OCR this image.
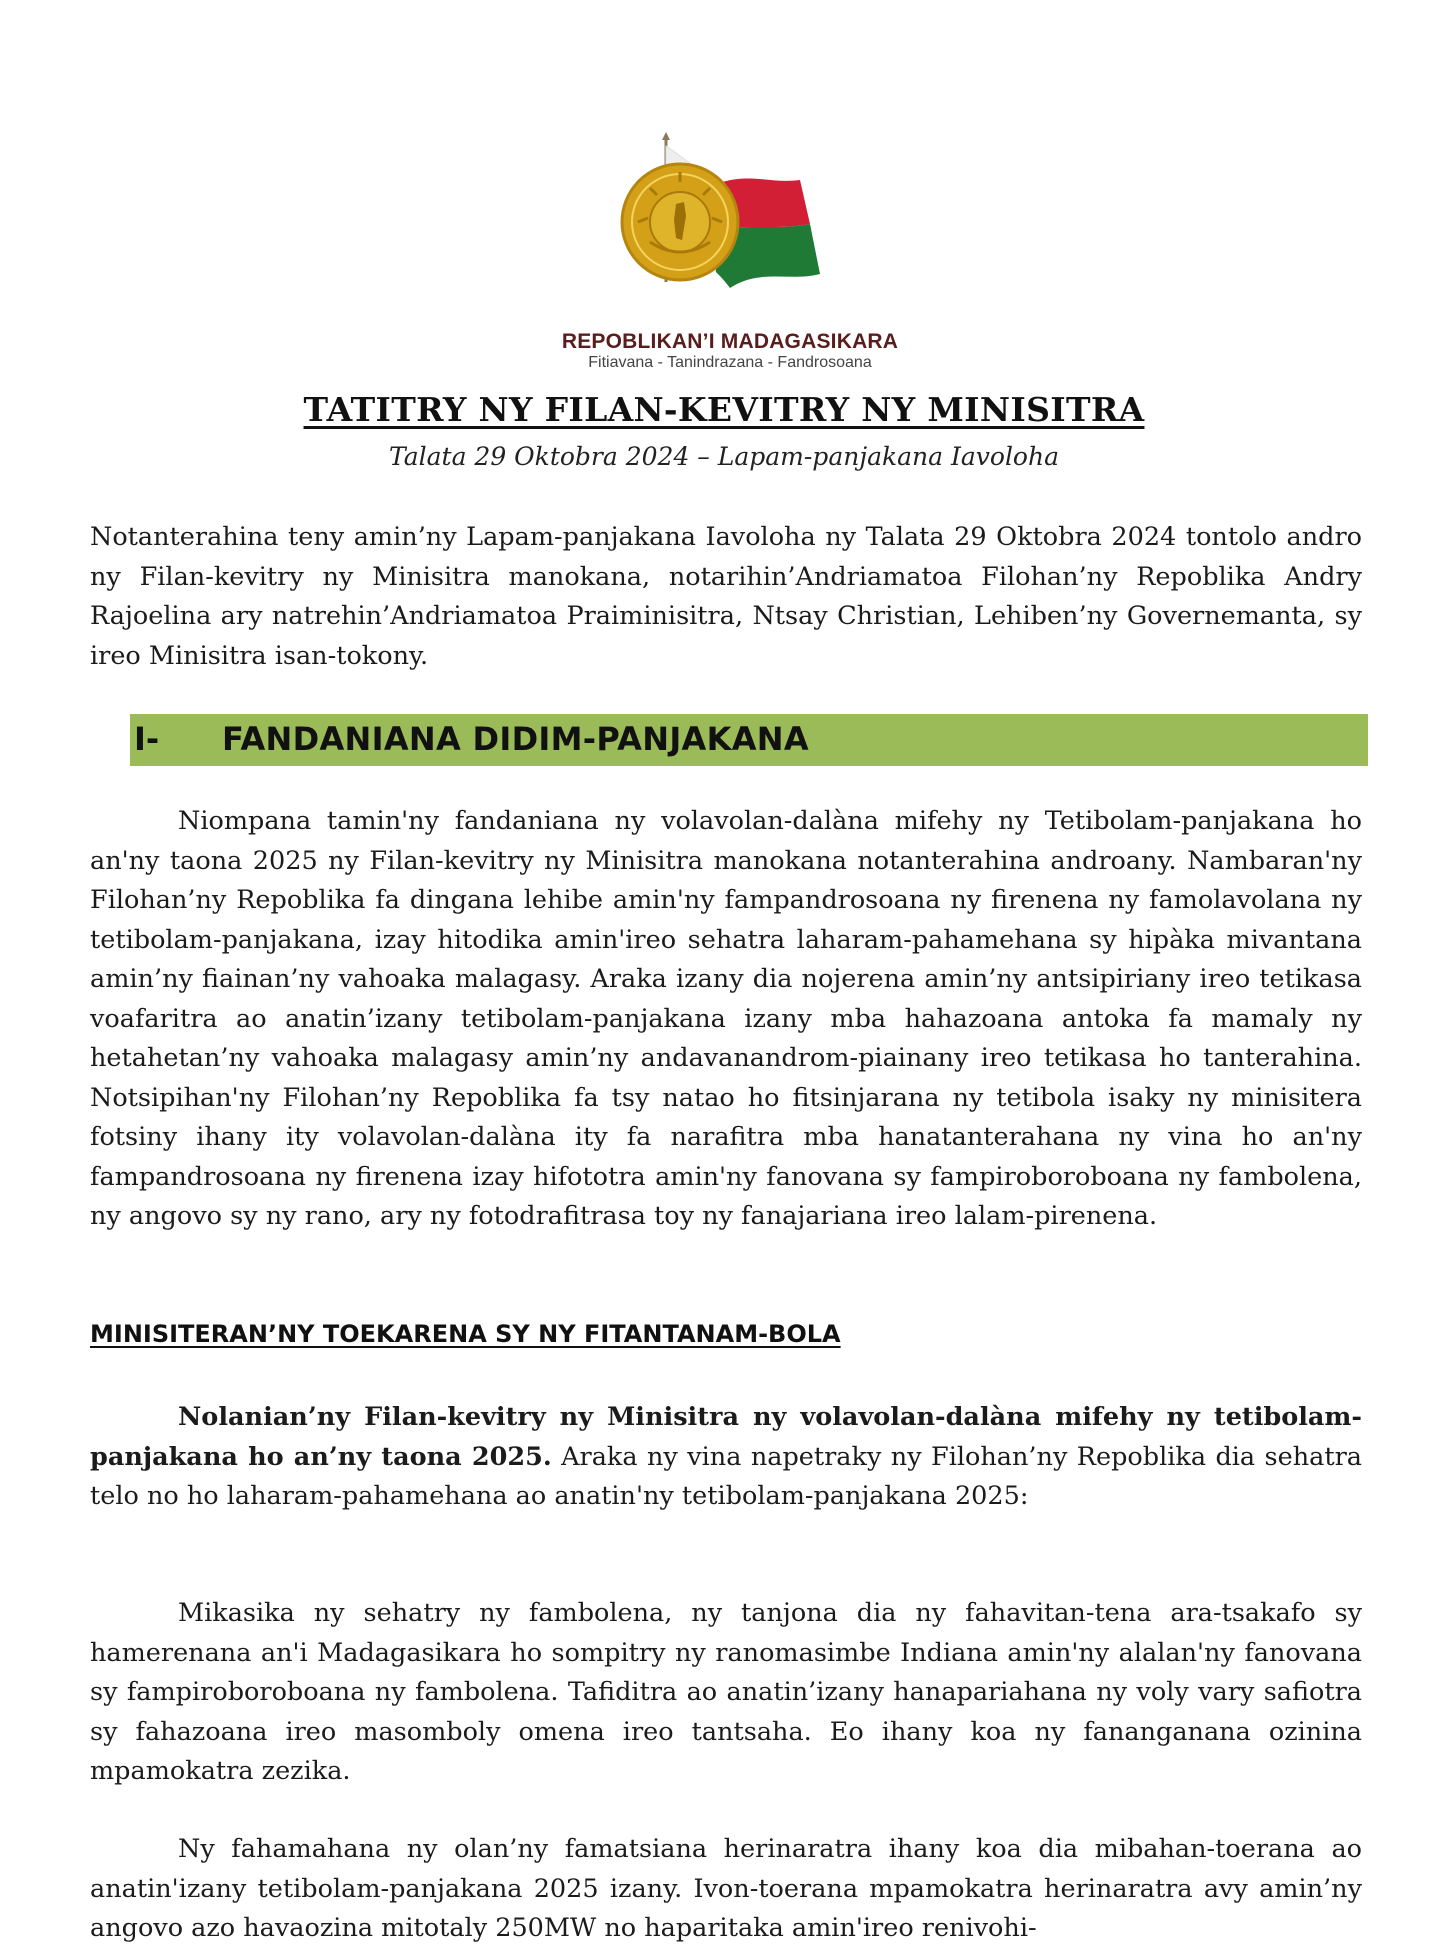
REPOBLIKAN’I MADAGASIKARA
Fitiavana - Tanindrazana - Fandrosoana
TATITRY NY FILAN-KEVITRY NY MINISITRA
Talata 29 Oktobra 2024 – Lapam-panjakana Iavoloha
Notanterahina teny amin’ny Lapam-panjakana Iavoloha ny Talata 29 Oktobra 2024 tontolo andro ny Filan-kevitry ny Minisitra manokana, notarihin’Andriamatoa Filohan’ny Repoblika Andry Rajoelina ary natrehin’Andriamatoa Praiminisitra, Ntsay Christian, Lehiben’ny Governemanta, sy ireo Minisitra isan-tokony.
I- FANDANIANA DIDIM-PANJAKANA
Niompana tamin'ny fandaniana ny volavolan-dalàna mifehy ny Tetibolam-panjakana ho an'ny taona 2025 ny Filan-kevitry ny Minisitra manokana notanterahina androany. Nambaran'ny Filohan’ny Repoblika fa dingana lehibe amin'ny fampandrosoana ny firenena ny famolavolana ny tetibolam-panjakana, izay hitodika amin'ireo sehatra laharam-pahamehana sy hipàka mivantana amin’ny fiainan’ny vahoaka malagasy. Araka izany dia nojerena amin’ny antsipiriany ireo tetikasa voafaritra ao anatin’izany tetibolam-panjakana izany mba hahazoana antoka fa mamaly ny hetahetan’ny vahoaka malagasy amin’ny andavanandrom-piainany ireo tetikasa ho tanterahina. Notsipihan'ny Filohan’ny Repoblika fa tsy natao ho fitsinjarana ny tetibola isaky ny minisitera fotsiny ihany ity volavolan-dalàna ity fa narafitra mba hanatanterahana ny vina ho an'ny fampandrosoana ny firenena izay hifototra amin'ny fanovana sy fampiroboroboana ny fambolena, ny angovo sy ny rano, ary ny fotodrafitrasa toy ny fanajariana ireo lalam-pirenena.
MINISITERAN’NY TOEKARENA SY NY FITANTANAM-BOLA
Nolanian’ny Filan-kevitry ny Minisitra ny volavolan-dalàna mifehy ny tetibolam-panjakana ho an’ny taona 2025. Araka ny vina napetraky ny Filohan’ny Repoblika dia sehatra telo no ho laharam-pahamehana ao anatin'ny tetibolam-panjakana 2025:
Mikasika ny sehatry ny fambolena, ny tanjona dia ny fahavitan-tena ara-tsakafo sy hamerenana an'i Madagasikara ho sompitry ny ranomasimbe Indiana amin'ny alalan'ny fanovana sy fampiroboroboana ny fambolena. Tafiditra ao anatin’izany hanapariahana ny voly vary safiotra sy fahazoana ireo masomboly omena ireo tantsaha. Eo ihany koa ny fananganana ozinina mpamokatra zezika.
Ny fahamahana ny olan’ny famatsiana herinaratra ihany koa dia mibahan-toerana ao anatin'izany tetibolam-panjakana 2025 izany. Ivon-toerana mpamokatra herinaratra avy amin’ny angovo azo havaozina mitotaly 250MW no haparitaka amin'ireo renivohi-
